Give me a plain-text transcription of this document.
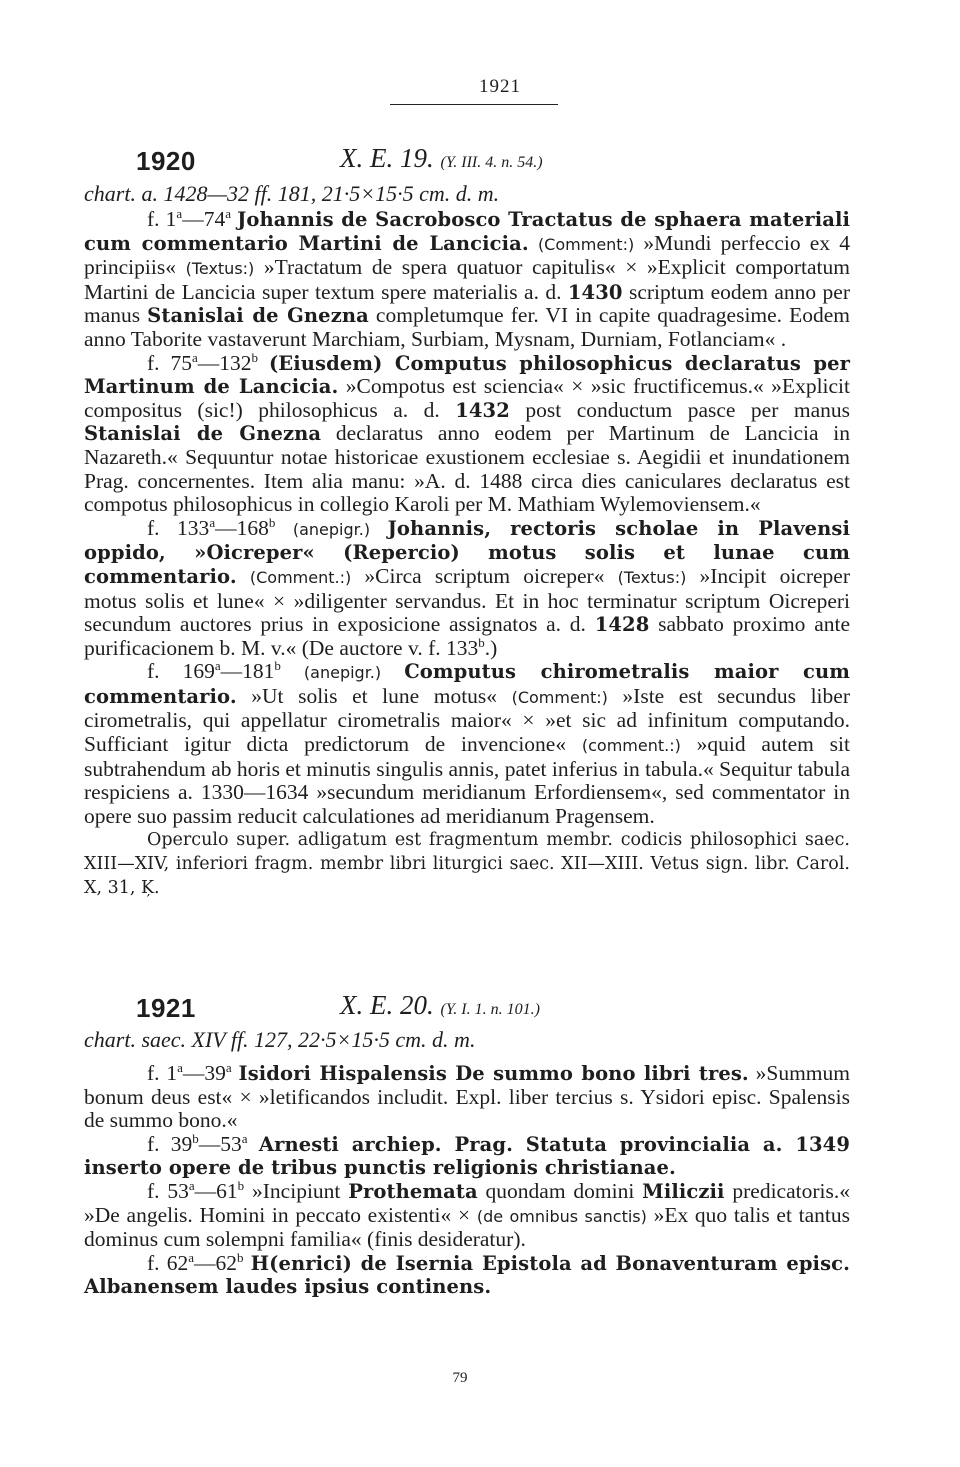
1921
1920	X. E. 19. (Y. III. 4. n. 54.)
chart. a. 1428—32 ff. 181, 21·5×15·5 cm. d. m.

f. 1$^a$—74$^a$ Johannis de Sacrobosco Tractatus de sphaera materiali cum commentario Martini de Lancicia. (Comment:) »Mundi perfeccio ex 4 principiis« (Textus:) »Tractatum de spera quatuor capitulis« × »Explicit comportatum Martini de Lancicia super textum spere materialis a. d. 1430 scriptum eodem anno per manus Stanislai de Gnezna completumque fer. VI in capite quadragesime. Eodem anno Taborite vastaverunt Marchiam, Surbiam, Mysnam, Durniam, Fotlanciam« .

f. 75$^a$—132$^b$ (Eiusdem) Computus philosophicus declaratus per Martinum de Lancicia. »Compotus est sciencia« × »sic fructificemus.« »Explicit compositus (sic!) philosophicus a. d. 1432 post conductum pasce per manus Stanislai de Gnezna declaratus anno eodem per Martinum de Lancicia in Nazareth.« Sequuntur notae historicae exustionem ecclesiae s. Aegidii et inundationem Prag. concernentes. Item alia manu: »A. d. 1488 circa dies caniculares declaratus est compotus philosophicus in collegio Karoli per M. Mathiam Wylemoviensem.«

f. 133$^a$—168$^b$ (anepigr.) Johannis, rectoris scholae in Plavensi oppido, »Oicreper« (Repercio) motus solis et lunae cum commentario. (Comment.:) »Circa scriptum oicreper« (Textus:) »Incipit oicreper motus solis et lune« × »diligenter servandus. Et in hoc terminatur scriptum Oicreperi secundum auctores prius in exposicione assignatos a. d. 1428 sabbato proximo ante purificacionem b. M. v.« (De auctore v. f. 133$^b$.)

f. 169$^a$—181$^b$ (anepigr.) Computus chirometralis maior cum commentario. »Ut solis et lune motus« (Comment:) »Iste est secundus liber cirometralis, qui appellatur cirometralis maior« × »et sic ad infinitum computando. Sufficiant igitur dicta predictorum de invencione« (comment.:) »quid autem sit subtrahendum ab horis et minutis singulis annis, patet inferius in tabula.« Sequitur tabula respiciens a. 1330—1634 »secundum meridianum Erfordiensem«, sed commentator in opere suo passim reducit calculationes ad meridianum Pragensem.

Operculo super. adligatum est fragmentum membr. codicis philosophici saec. XIII—XIV, inferiori fragm. membr libri liturgici saec. XII—XIII. Vetus sign. libr. Carol. X, 31, Ķ.

1921	X. E. 20. (Y. I. 1. n. 101.)
chart. saec. XIV ff. 127, 22·5×15·5 cm. d. m.

f. 1$^a$—39$^a$ Isidori Hispalensis De summo bono libri tres. »Summum bonum deus est« × »letificandos includit. Expl. liber tercius s. Ysidori episc. Spalensis de summo bono.«

f. 39$^b$—53$^a$ Arnesti archiep. Prag. Statuta provincialia a. 1349 inserto opere de tribus punctis religionis christianae.

f. 53$^a$—61$^b$ »Incipiunt Prothemata quondam domini Miliczii predicatoris.« »De angelis. Homini in peccato existenti« × (de omnibus sanctis) »Ex quo talis et tantus dominus cum solempni familia« (finis desideratur).

f. 62$^a$—62$^b$ H(enrici) de Isernia Epistola ad Bonaventuram episc. Albanensem laudes ipsius continens.

79
